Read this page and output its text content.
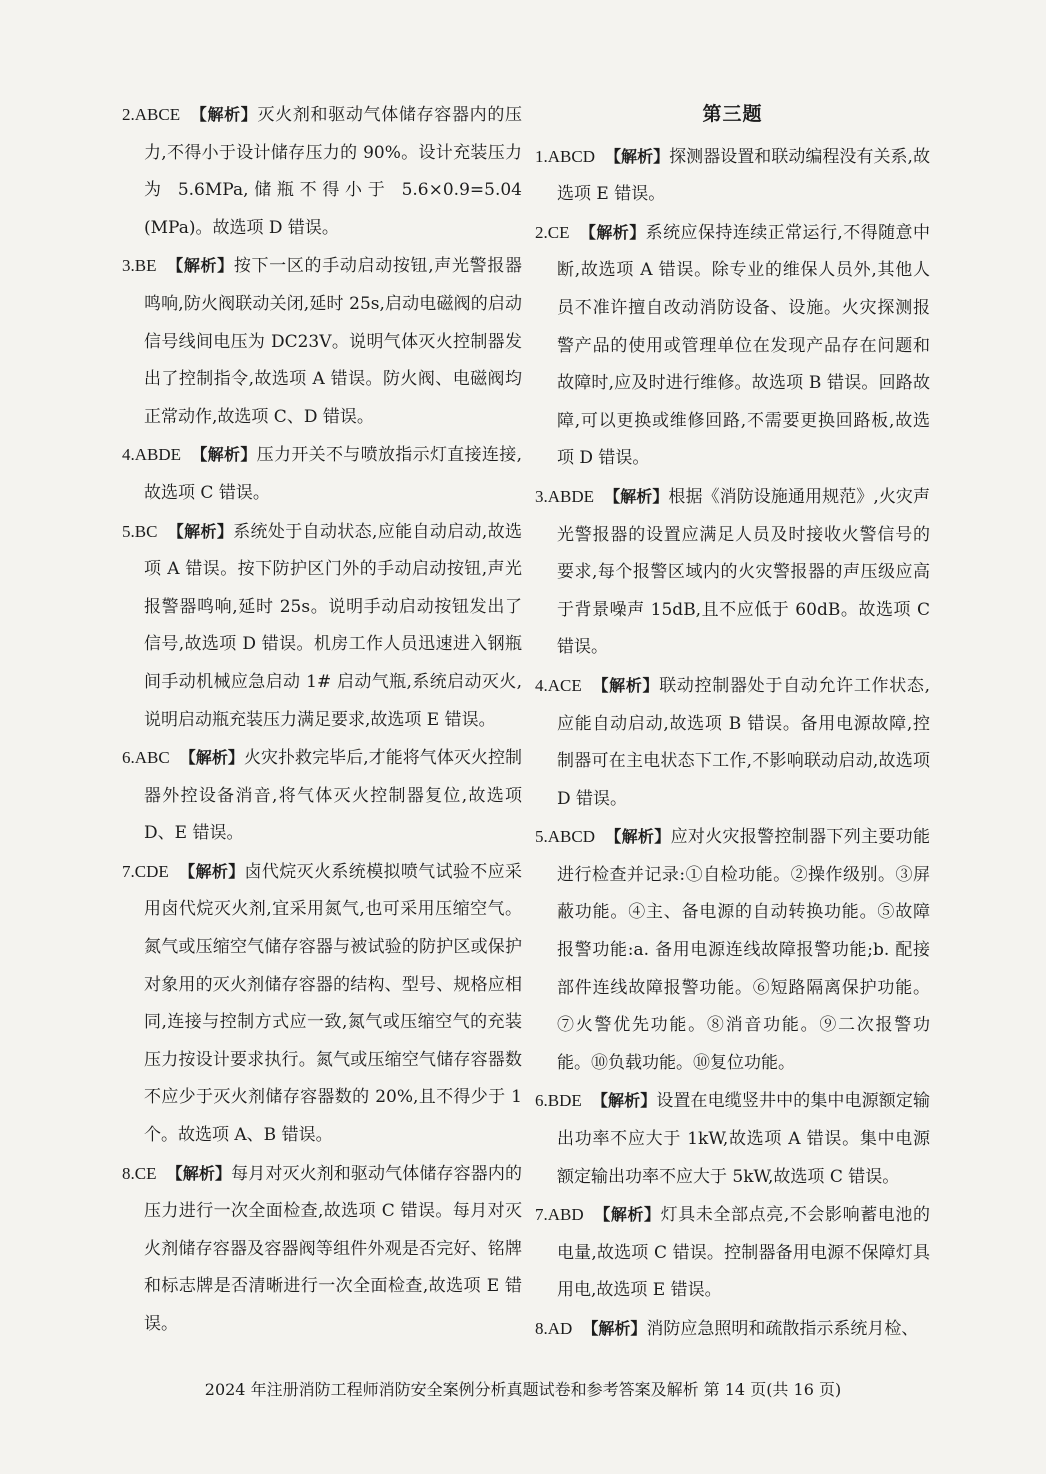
2.ABCE 【解析】灭火剂和驱动气体储存容器内的压力,不得小于设计储存压力的 90%。设计充装压力为 5.6MPa,储瓶不得小于 5.6×0.9=5.04 (MPa)。故选项 D 错误。
3.BE 【解析】按下一区的手动启动按钮,声光警报器鸣响,防火阀联动关闭,延时 25s,启动电磁阀的启动信号线间电压为 DC23V。说明气体灭火控制器发出了控制指令,故选项 A 错误。防火阀、电磁阀均正常动作,故选项 C、D 错误。
4.ABDE 【解析】压力开关不与喷放指示灯直接连接,故选项 C 错误。
5.BC 【解析】系统处于自动状态,应能自动启动,故选项 A 错误。按下防护区门外的手动启动按钮,声光报警器鸣响,延时 25s。说明手动启动按钮发出了信号,故选项 D 错误。机房工作人员迅速进入钢瓶间手动机械应急启动 1# 启动气瓶,系统启动灭火,说明启动瓶充装压力满足要求,故选项 E 错误。
6.ABC 【解析】火灾扑救完毕后,才能将气体灭火控制器外控设备消音,将气体灭火控制器复位,故选项 D、E 错误。
7.CDE 【解析】卤代烷灭火系统模拟喷气试验不应采用卤代烷灭火剂,宜采用氮气,也可采用压缩空气。氮气或压缩空气储存容器与被试验的防护区或保护对象用的灭火剂储存容器的结构、型号、规格应相同,连接与控制方式应一致,氮气或压缩空气的充装压力按设计要求执行。氮气或压缩空气储存容器数不应少于灭火剂储存容器数的 20%,且不得少于 1 个。故选项 A、B 错误。
8.CE 【解析】每月对灭火剂和驱动气体储存容器内的压力进行一次全面检查,故选项 C 错误。每月对灭火剂储存容器及容器阀等组件外观是否完好、铭牌和标志牌是否清晰进行一次全面检查,故选项 E 错误。
第三题
1.ABCD 【解析】探测器设置和联动编程没有关系,故选项 E 错误。
2.CE 【解析】系统应保持连续正常运行,不得随意中断,故选项 A 错误。除专业的维保人员外,其他人员不准许擅自改动消防设备、设施。火灾探测报警产品的使用或管理单位在发现产品存在问题和故障时,应及时进行维修。故选项 B 错误。回路故障,可以更换或维修回路,不需要更换回路板,故选项 D 错误。
3.ABDE 【解析】根据《消防设施通用规范》,火灾声光警报器的设置应满足人员及时接收火警信号的要求,每个报警区域内的火灾警报器的声压级应高于背景噪声 15dB,且不应低于 60dB。故选项 C 错误。
4.ACE 【解析】联动控制器处于自动允许工作状态,应能自动启动,故选项 B 错误。备用电源故障,控制器可在主电状态下工作,不影响联动启动,故选项 D 错误。
5.ABCD 【解析】应对火灾报警控制器下列主要功能进行检查并记录:①自检功能。②操作级别。③屏蔽功能。④主、备电源的自动转换功能。⑤故障报警功能:a. 备用电源连线故障报警功能;b. 配接部件连线故障报警功能。⑥短路隔离保护功能。⑦火警优先功能。⑧消音功能。⑨二次报警功能。⑩负载功能。⑩复位功能。
6.BDE 【解析】设置在电缆竖井中的集中电源额定输出功率不应大于 1kW,故选项 A 错误。集中电源额定输出功率不应大于 5kW,故选项 C 错误。
7.ABD 【解析】灯具未全部点亮,不会影响蓄电池的电量,故选项 C 错误。控制器备用电源不保障灯具用电,故选项 E 错误。
8.AD 【解析】消防应急照明和疏散指示系统月检、
2024 年注册消防工程师消防安全案例分析真题试卷和参考答案及解析 第 14 页(共 16 页)
